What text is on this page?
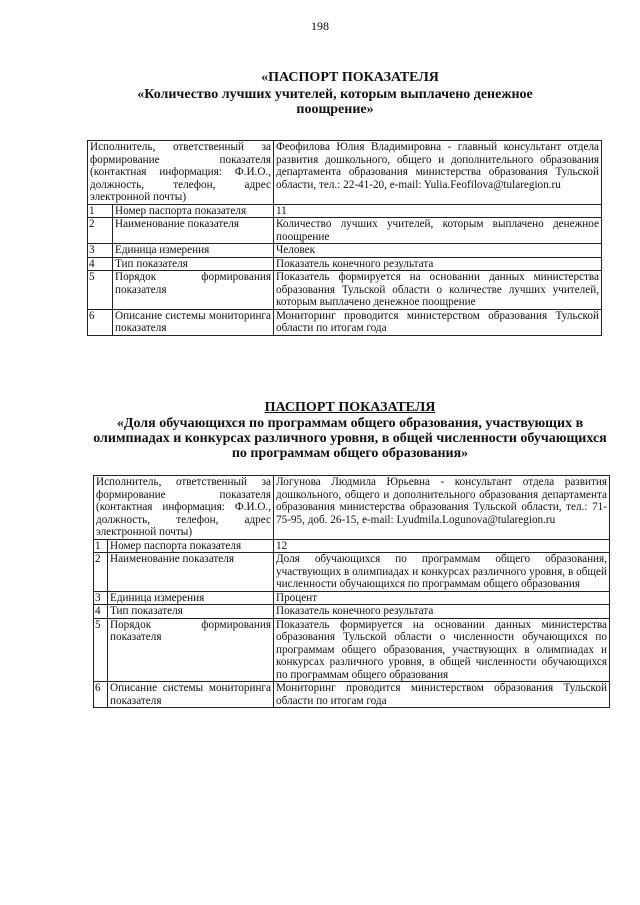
198
«ПАСПОРТ ПОКАЗАТЕЛЯ
«Количество лучших учителей, которым выплачено денежное поощрение»
Исполнитель, ответственный за формирование показателя (контактная информация: Ф.И.О., должность, телефон, адрес электронной почты)		Феофилова Юлия Владимировна - главный консультант отдела развития дошкольного, общего и дополнительного образования департамента образования министерства образования Тульской области, тел.: 22-41-20, e-mail: Yulia.Feofilova@tularegion.ru
1	Номер паспорта показателя	11
2	Наименование показателя	Количество лучших учителей, которым выплачено денежное поощрение
3	Единица измерения	Человек
4	Тип показателя	Показатель конечного результата
5	Порядок формирования показателя	Показатель формируется на основании данных министерства образования Тульской области о количестве лучших учителей, которым выплачено денежное поощрение
6	Описание системы мониторинга показателя	Мониторинг проводится министерством образования Тульской области по итогам года
ПАСПОРТ ПОКАЗАТЕЛЯ
«Доля обучающихся по программам общего образования, участвующих в олимпиадах и конкурсах различного уровня, в общей численности обучающихся по программам общего образования»
Исполнитель, ответственный за формирование показателя (контактная информация: Ф.И.О., должность, телефон, адрес электронной почты)		Логунова Людмила Юрьевна - консультант отдела развития дошкольного, общего и дополнительного образования департамента образования министерства образования Тульской области, тел.: 71-75-95, доб. 26-15, e-mail: Lyudmila.Logunova@tularegion.ru
1	Номер паспорта показателя	12
2	Наименование показателя	Доля обучающихся по программам общего образования, участвующих в олимпиадах и конкурсах различного уровня, в общей численности обучающихся по программам общего образования
3	Единица измерения	Процент
4	Тип показателя	Показатель конечного результата
5	Порядок формирования показателя	Показатель формируется на основании данных министерства образования Тульской области о численности обучающихся по программам общего образования, участвующих в олимпиадах и конкурсах различного уровня, в общей численности обучающихся по программам общего образования
6	Описание системы мониторинга показателя	Мониторинг проводится министерством образования Тульской области по итогам года
